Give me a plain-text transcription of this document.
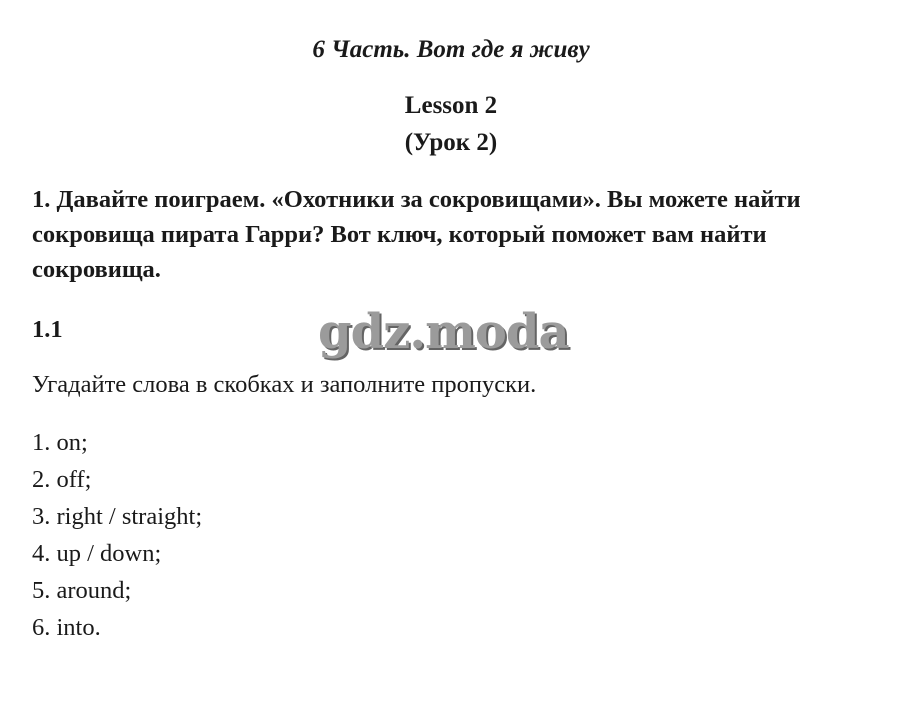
6 Часть. Вот где я живу
Lesson 2
(Урок 2)
1. Давайте поиграем. «Охотники за сокровищами». Вы можете найти сокровища пирата Гарри? Вот ключ, который поможет вам найти сокровища.
1.1	gdz.moda
Угадайте слова в скобках и заполните пропуски.
1. on;
2. off;
3. right / straight;
4. up / down;
5. around;
6. into.
